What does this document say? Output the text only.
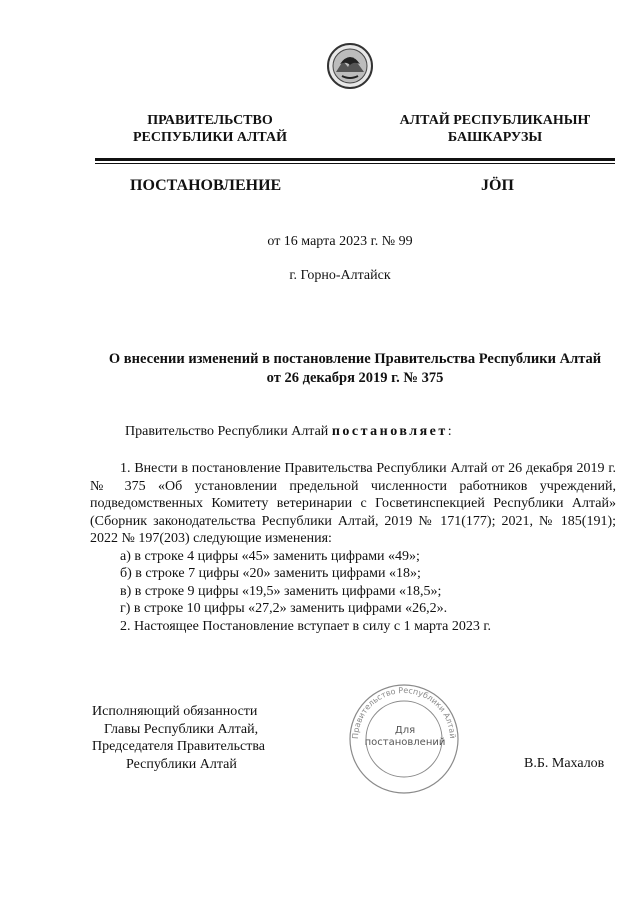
ПРАВИТЕЛЬСТВО
РЕСПУБЛИКИ АЛТАЙ
АЛТАЙ РЕСПУБЛИКАНЫҤ
БАШКАРУЗЫ
ПОСТАНОВЛЕНИЕ	JӦП
от 16 марта 2023 г. № 99
г. Горно-Алтайск
О внесении изменений в постановление Правительства Республики Алтай
от 26 декабря 2019 г. № 375
Правительство Республики Алтай постановляет:

1. Внести в постановление Правительства Республики Алтай от 26 декабря 2019 г. № 375 «Об установлении предельной численности работников учреждений, подведомственных Комитету ветеринарии с Госветинспекцией Республики Алтай» (Сборник законодательства Республики Алтай, 2019 № 171(177); 2021, № 185(191); 2022 № 197(203) следующие изменения:

а) в строке 4 цифры «45» заменить цифрами «49»;

б) в строке 7 цифры «20» заменить цифрами «18»;

в) в строке 9 цифры «19,5» заменить цифрами «18,5»;

г) в строке 10 цифры «27,2» заменить цифрами «26,2».

2. Настоящее Постановление вступает в силу с 1 марта 2023 г.

Исполняющий обязанности
Главы Республики Алтай,
Председателя Правительства
Республики Алтай
Правительство Республики Алтай
Для
постановлений
В.Б. Махалов
